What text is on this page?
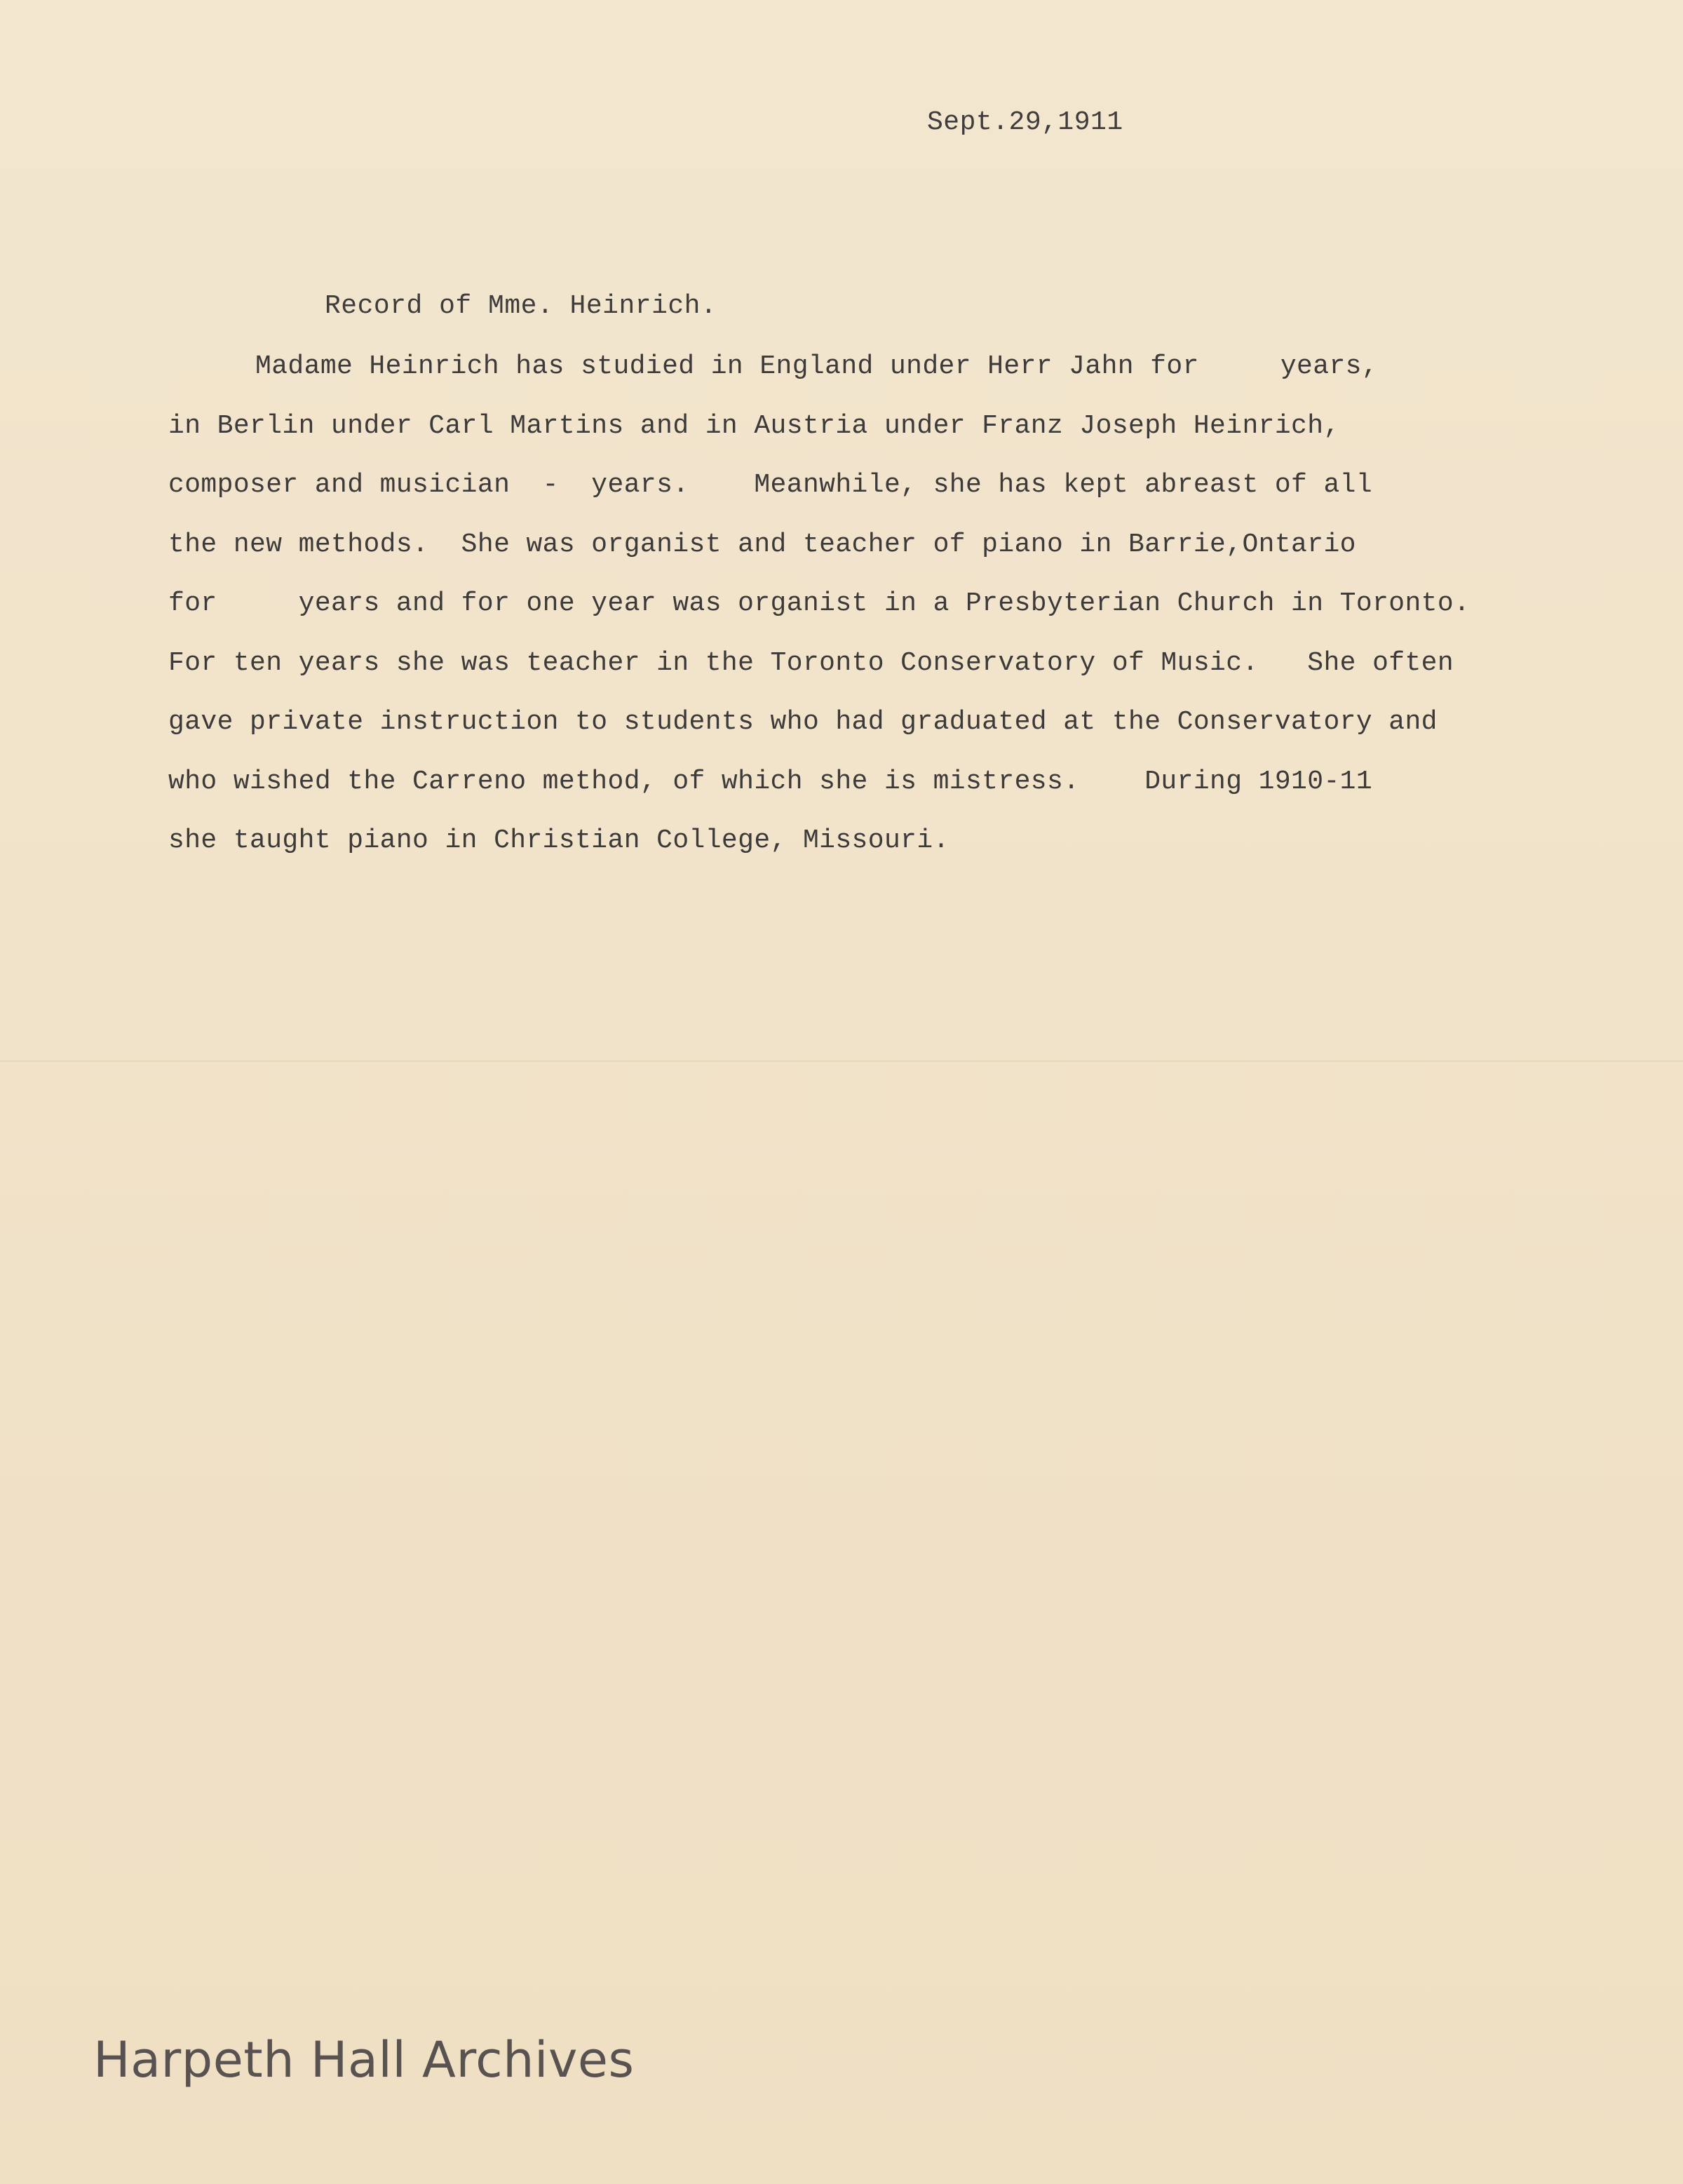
Sept.29,1911
Record of Mme. Heinrich.
Madame Heinrich has studied in England under Herr Jahn for     years,
in Berlin under Carl Martins and in Austria under Franz Joseph Heinrich,
composer and musician  -  years.    Meanwhile, she has kept abreast of all
the new methods.  She was organist and teacher of piano in Barrie,Ontario
for     years and for one year was organist in a Presbyterian Church in Toronto.
For ten years she was teacher in the Toronto Conservatory of Music.   She often
gave private instruction to students who had graduated at the Conservatory and
who wished the Carreno method, of which she is mistress.    During 1910-11
she taught piano in Christian College, Missouri.
Harpeth Hall Archives
